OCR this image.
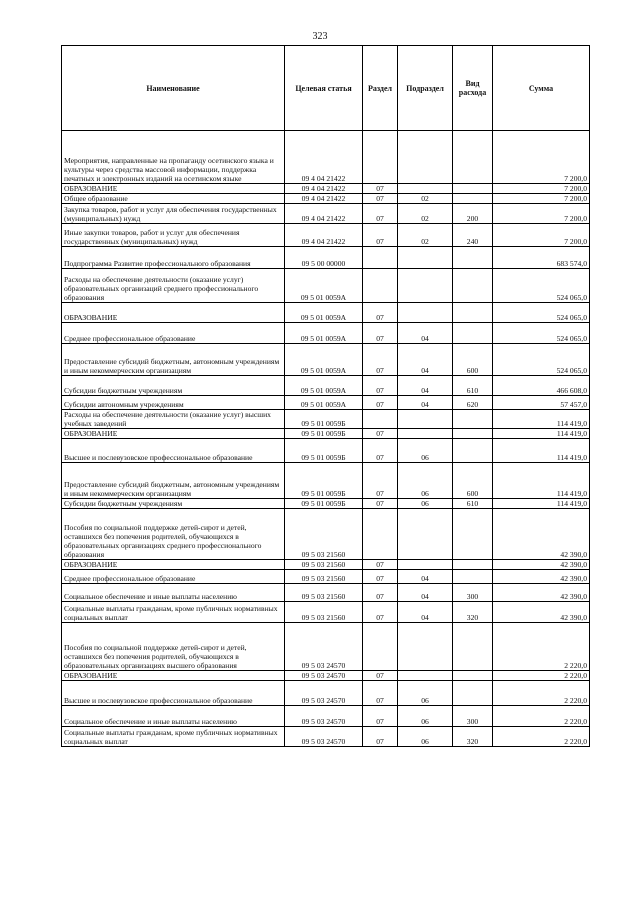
323
Наименование	Целевая статья	Раздел	Подраздел	Вид расхода	Сумма
Мероприятия, направленные на пропаганду осетинского языка и культуры через средства массовой информации, поддержка печатных и электронных изданий на осетинском языке	09 4 04 21422				7 200,0
ОБРАЗОВАНИЕ	09 4 04 21422	07			7 200,0
Общее образование	09 4 04 21422	07	02		7 200,0
Закупка товаров, работ и услуг для обеспечения государственных (муниципальных) нужд	09 4 04 21422	07	02	200	7 200,0
Иные закупки товаров, работ и услуг для обеспечения государственных (муниципальных) нужд	09 4 04 21422	07	02	240	7 200,0
Подпрограмма Развитие профессионального образования	09 5 00 00000				683 574,0
Расходы на обеспечение деятельности (оказание услуг) образовательных организаций среднего профессионального образования	09 5 01 0059А				524 065,0
ОБРАЗОВАНИЕ	09 5 01 0059А	07			524 065,0
Среднее профессиональное образование	09 5 01 0059А	07	04		524 065,0
Предоставление субсидий бюджетным, автономным учреждениям и иным некоммерческим организациям	09 5 01 0059А	07	04	600	524 065,0
Субсидии бюджетным учреждениям	09 5 01 0059А	07	04	610	466 608,0
Субсидии автономным учреждениям	09 5 01 0059А	07	04	620	57 457,0
Расходы на обеспечение деятельности (оказание услуг) высших учебных заведений	09 5 01 0059Б				114 419,0
ОБРАЗОВАНИЕ	09 5 01 0059Б	07			114 419,0
Высшее и послевузовское профессиональное образование	09 5 01 0059Б	07	06		114 419,0
Предоставление субсидий бюджетным, автономным учреждениям и иным некоммерческим организациям	09 5 01 0059Б	07	06	600	114 419,0
Субсидии бюджетным учреждениям	09 5 01 0059Б	07	06	610	114 419,0
Пособия по социальной поддержке детей-сирот и детей, оставшихся без попечения родителей, обучающихся в образовательных организациях среднего профессионального образования	09 5 03 21560				42 390,0
ОБРАЗОВАНИЕ	09 5 03 21560	07			42 390,0
Среднее профессиональное образование	09 5 03 21560	07	04		42 390,0
Социальное обеспечение и иные выплаты населению	09 5 03 21560	07	04	300	42 390,0
Социальные выплаты гражданам, кроме публичных нормативных социальных выплат	09 5 03 21560	07	04	320	42 390,0
Пособия по социальной поддержке детей-сирот и детей, оставшихся без попечения родителей, обучающихся в образовательных организациях высшего образования	09 5 03 24570				2 220,0
ОБРАЗОВАНИЕ	09 5 03 24570	07			2 220,0
Высшее и послевузовское профессиональное образование	09 5 03 24570	07	06		2 220,0
Социальное обеспечение и иные выплаты населению	09 5 03 24570	07	06	300	2 220,0
Социальные выплаты гражданам, кроме публичных нормативных социальных выплат	09 5 03 24570	07	06	320	2 220,0
